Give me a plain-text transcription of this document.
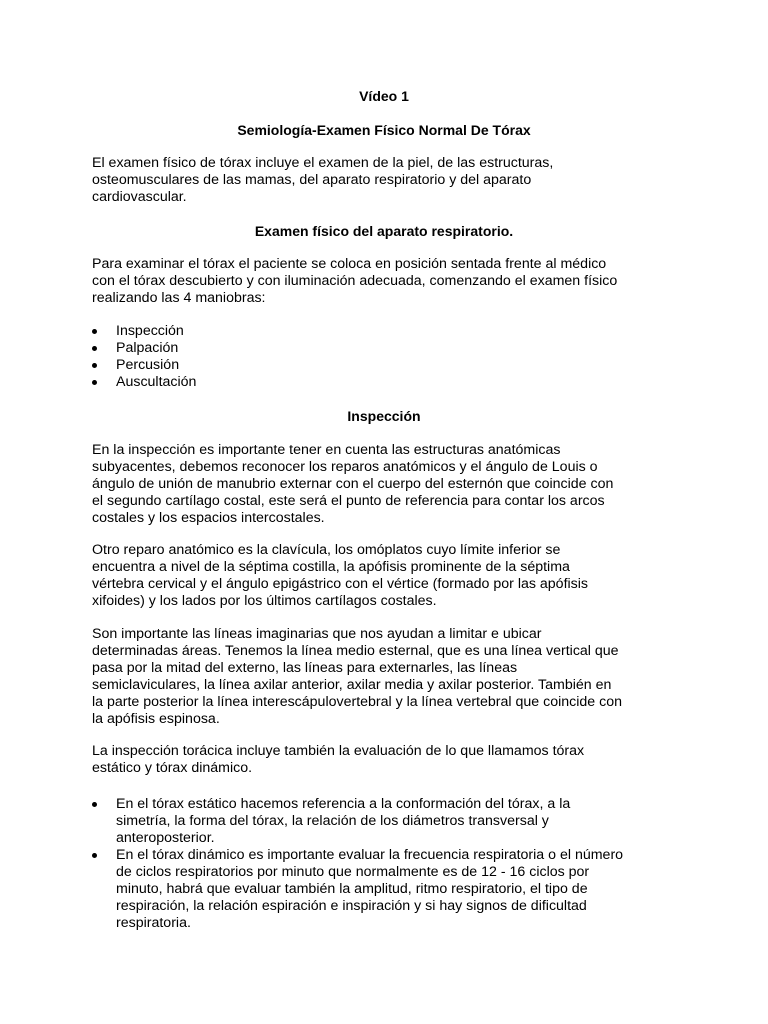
Vídeo 1
Semiología-Examen Físico Normal De Tórax
El examen físico de tórax incluye el examen de la piel, de las estructuras,
osteomusculares de las mamas, del aparato respiratorio y del aparato
cardiovascular.
Examen físico del aparato respiratorio.
Para examinar el tórax el paciente se coloca en posición sentada frente al médico
con el tórax descubierto y con iluminación adecuada, comenzando el examen físico
realizando las 4 maniobras:
Inspección
Palpación
Percusión
Auscultación
Inspección
En la inspección es importante tener en cuenta las estructuras anatómicas
subyacentes, debemos reconocer los reparos anatómicos y el ángulo de Louis o
ángulo de unión de manubrio externar con el cuerpo del esternón que coincide con
el segundo cartílago costal, este será el punto de referencia para contar los arcos
costales y los espacios intercostales.
Otro reparo anatómico es la clavícula, los omóplatos cuyo límite inferior se
encuentra a nivel de la séptima costilla, la apófisis prominente de la séptima
vértebra cervical y el ángulo epigástrico con el vértice (formado por las apófisis
xifoides) y los lados por los últimos cartílagos costales.
Son importante las líneas imaginarias que nos ayudan a limitar e ubicar
determinadas áreas. Tenemos la línea medio esternal, que es una línea vertical que
pasa por la mitad del externo, las líneas para externarles, las líneas
semiclaviculares, la línea axilar anterior, axilar media y axilar posterior. También en
la parte posterior la línea interescápulovertebral y la línea vertebral que coincide con
la apófisis espinosa.
La inspección torácica incluye también la evaluación de lo que llamamos tórax
estático y tórax dinámico.
En el tórax estático hacemos referencia a la conformación del tórax, a la
simetría, la forma del tórax, la relación de los diámetros transversal y
anteroposterior.
En el tórax dinámico es importante evaluar la frecuencia respiratoria o el número
de ciclos respiratorios por minuto que normalmente es de 12 - 16 ciclos por
minuto, habrá que evaluar también la amplitud, ritmo respiratorio, el tipo de
respiración, la relación espiración e inspiración y si hay signos de dificultad
respiratoria.
